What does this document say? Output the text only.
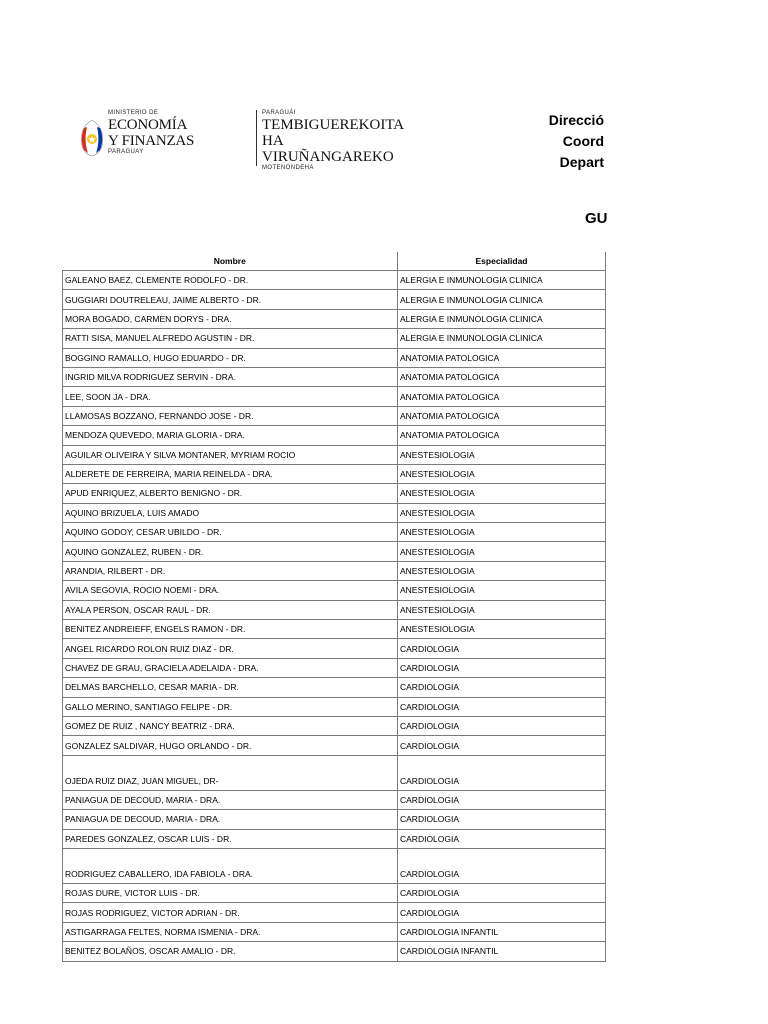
MINISTERIO DE
ECONOMÍA
Y FINANZAS
PARAGUAY
PARAGUÁI
TEMBIGUEREKOITA
HA VIRUÑANGAREKO
MOTENONDEHA
Direcció
Coord
Depart
GU
Nombre	Especialidad
GALEANO BAEZ, CLEMENTE RODOLFO - DR.	ALERGIA E INMUNOLOGIA CLINICA
GUGGIARI DOUTRELEAU, JAIME ALBERTO - DR.	ALERGIA E INMUNOLOGIA CLINICA
MORA BOGADO, CARMEN DORYS - DRA.	ALERGIA E INMUNOLOGIA CLINICA
RATTI SISA, MANUEL ALFREDO AGUSTIN - DR.	ALERGIA E INMUNOLOGIA CLINICA
BOGGINO RAMALLO, HUGO EDUARDO - DR.	ANATOMIA PATOLOGICA
INGRID MILVA RODRIGUEZ SERVIN - DRA.	ANATOMIA PATOLOGICA
LEE, SOON JA - DRA.	ANATOMIA PATOLOGICA
LLAMOSAS BOZZANO, FERNANDO JOSE - DR.	ANATOMIA PATOLOGICA
MENDOZA QUEVEDO, MARIA GLORIA - DRA.	ANATOMIA PATOLOGICA
AGUILAR OLIVEIRA Y SILVA MONTANER, MYRIAM ROCIO	ANESTESIOLOGIA
ALDERETE DE FERREIRA, MARIA REINELDA - DRA.	ANESTESIOLOGIA
APUD ENRIQUEZ, ALBERTO BENIGNO - DR.	ANESTESIOLOGIA
AQUINO BRIZUELA, LUIS AMADO	ANESTESIOLOGIA
AQUINO GODOY, CESAR UBILDO - DR.	ANESTESIOLOGIA
AQUINO GONZALEZ, RUBEN - DR.	ANESTESIOLOGIA
ARANDIA, RILBERT - DR.	ANESTESIOLOGIA
AVILA SEGOVIA, ROCIO NOEMI - DRA.	ANESTESIOLOGIA
AYALA PERSON, OSCAR RAUL - DR.	ANESTESIOLOGIA
BENITEZ ANDREIEFF, ENGELS RAMON - DR.	ANESTESIOLOGIA
ANGEL RICARDO ROLON RUIZ DIAZ - DR.	CARDIOLOGIA
CHAVEZ DE GRAU, GRACIELA ADELAIDA - DRA.	CARDIOLOGIA
DELMAS BARCHELLO, CESAR MARIA - DR.	CARDIOLOGIA
GALLO MERINO, SANTIAGO FELIPE - DR.	CARDIOLOGIA
GOMEZ DE RUIZ , NANCY BEATRIZ - DRA.	CARDIOLOGIA
GONZALEZ SALDIVAR, HUGO ORLANDO - DR.	CARDIOLOGIA
OJEDA RUIZ DIAZ, JUAN MIGUEL, DR-	CARDIOLOGIA
PANIAGUA DE DECOUD, MARIA - DRA.	CARDIOLOGIA
PANIAGUA DE DECOUD, MARIA - DRA.	CARDIOLOGIA
PAREDES GONZALEZ, OSCAR LUIS - DR.	CARDIOLOGIA
RODRIGUEZ CABALLERO, IDA FABIOLA - DRA.	CARDIOLOGIA
ROJAS DURE, VICTOR LUIS - DR.	CARDIOLOGIA
ROJAS RODRIGUEZ, VICTOR ADRIAN - DR.	CARDIOLOGIA
ASTIGARRAGA FELTES, NORMA ISMENIA - DRA.	CARDIOLOGIA INFANTIL
BENITEZ BOLAÑOS, OSCAR AMALIO - DR.	CARDIOLOGIA INFANTIL
